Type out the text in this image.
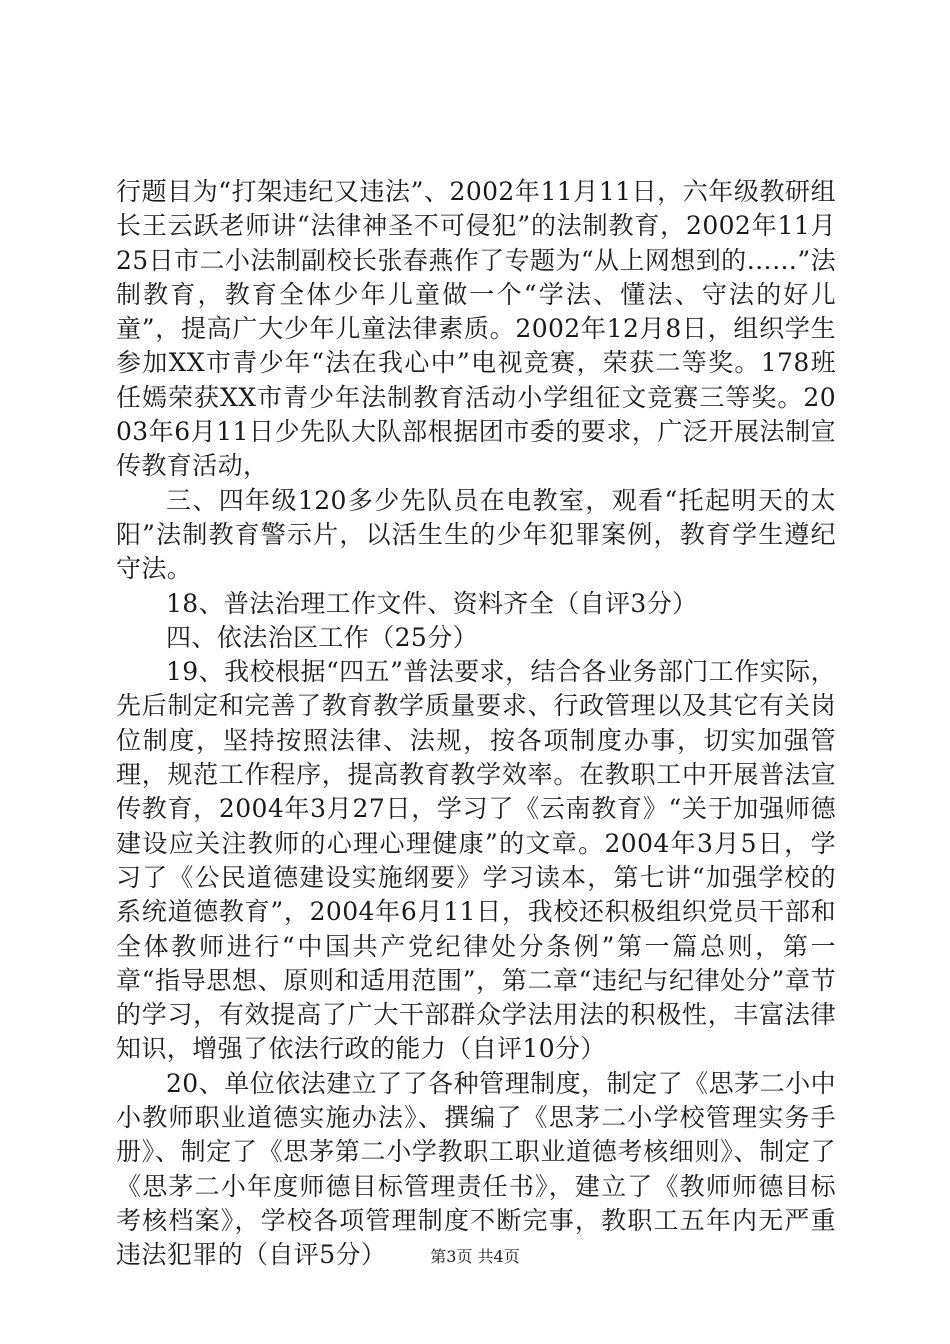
行题目为“打架违纪又违法”、2002年11月11日，六年级教研组长王云跃老师讲“法律神圣不可侵犯”的法制教育，2002年11月25日市二小法制副校长张春燕作了专题为“从上网想到的……”法制教育，教育全体少年儿童做一个“学法、懂法、守法的好儿童”，提高广大少年儿童法律素质。2002年12月8日，组织学生参加XX市青少年“法在我心中”电视竞赛，荣获二等奖。178班任嫣荣获XX市青少年法制教育活动小学组征文竞赛三等奖。2003年6月11日少先队大队部根据团市委的要求，广泛开展法制宣传教育活动，

三、四年级120多少先队员在电教室，观看“托起明天的太阳”法制教育警示片，以活生生的少年犯罪案例，教育学生遵纪守法。

18、普法治理工作文件、资料齐全（自评3分）

四、依法治区工作（25分）

19、我校根据“四五”普法要求，结合各业务部门工作实际，先后制定和完善了教育教学质量要求、行政管理以及其它有关岗位制度，坚持按照法律、法规，按各项制度办事，切实加强管理，规范工作程序，提高教育教学效率。在教职工中开展普法宣传教育，2004年3月27日，学习了《云南教育》“关于加强师德建设应关注教师的心理心理健康”的文章。2004年3月5日，学习了《公民道德建设实施纲要》学习读本，第七讲“加强学校的系统道德教育”，2004年6月11日，我校还积极组织党员干部和全体教师进行“中国共产党纪律处分条例”第一篇总则，第一章“指导思想、原则和适用范围”，第二章“违纪与纪律处分”章节的学习，有效提高了广大干部群众学法用法的积极性，丰富法律知识，增强了依法行政的能力（自评10分）

20、单位依法建立了了各种管理制度，制定了《思茅二小中小教师职业道德实施办法》、撰编了《思茅二小学校管理实务手册》、制定了《思茅第二小学教职工职业道德考核细则》、制定了《思茅二小年度师德目标管理责任书》，建立了《教师师德目标考核档案》，学校各项管理制度不断完事，教职工五年内无严重违法犯罪的（自评5分）	第3页 共4页
